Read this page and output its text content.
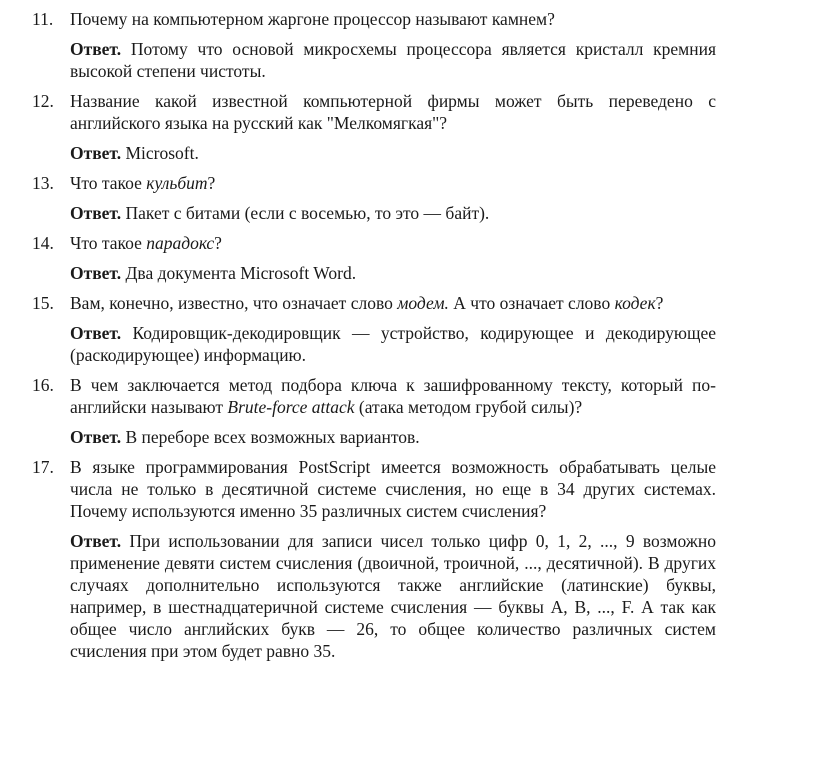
11. Почему на компьютерном жаргоне процессор называют камнем?

Ответ. Потому что основой микросхемы процессора является кристалл кремния высокой степени чистоты.

12. Название какой известной компьютерной фирмы может быть переведено с английского языка на русский как "Мелкомягкая"?

Ответ. Microsoft.

13. Что такое кульбит?

Ответ. Пакет с битами (если с восемью, то это — байт).

14. Что такое парадокс?

Ответ. Два документа Microsoft Word.

15. Вам, конечно, известно, что означает слово модем. А что означает слово кодек?

Ответ. Кодировщик-декодировщик — устройство, кодирующее и декодирующее (раскодирующее) информацию.

16. В чем заключается метод подбора ключа к зашифрованному тексту, который по-английски называют Brute-force attack (атака методом грубой силы)?

Ответ. В переборе всех возможных вариантов.

17. В языке программирования PostScript имеется возможность обрабатывать целые числа не только в десятичной системе счисления, но еще в 34 других системах. Почему используются именно 35 различных систем счисления?

Ответ. При использовании для записи чисел только цифр 0, 1, 2, ..., 9 возможно применение девяти систем счисления (двоичной, троичной, ..., десятичной). В других случаях дополнительно используются также английские (латинские) буквы, например, в шестнадцатеричной системе счисления — буквы A, B, ..., F. А так как общее число английских букв — 26, то общее количество различных систем счисления при этом будет равно 35.
